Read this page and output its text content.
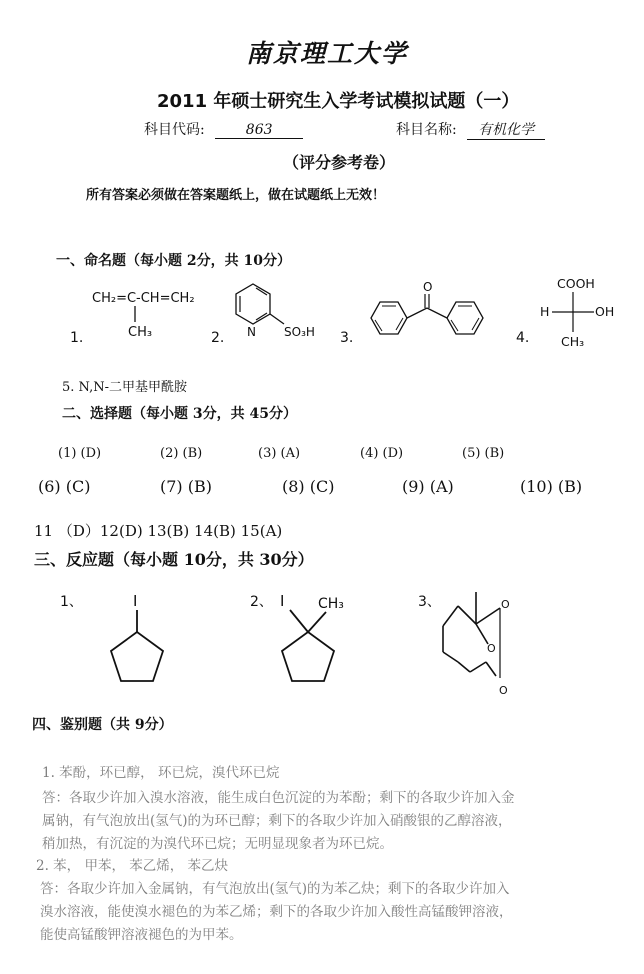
南京理工大学
2011 年硕士研究生入学考试模拟试题（一）
科目代码:	863	科目名称: 有机化学
（评分参考卷）
所有答案必须做在答案题纸上，做在试题纸上无效！
一、命名题（每小题 2分，共 10分）
1.	2.	3.	4.
CH₂=C-CH=CH₂
CH₃	N SO₃H
O	COOH
H	OH
CH₃
5. N,N-二甲基甲酰胺
二、选择题（每小题 3分，共 45分）
(1) (D)	(2) (B)	(3) (A)	(4) (D)	(5) (B)
(6) (C)	(7) (B)	(8) (C)	(9) (A)	(10) (B)
11 （D）12(D) 13(B) 14(B) 15(A)
三、反应题（每小题 10分，共 30分）
1、	2、	3、
I	I CH₃	O
O
O
四、鉴别题（共 9分）
1. 苯酚，环已醇， 环已烷，溴代环已烷
答：各取少许加入溴水溶液，能生成白色沉淀的为苯酚；剩下的各取少许加入金
属钠，有气泡放出(氢气)的为环已醇；剩下的各取少许加入硝酸银的乙醇溶液，
稍加热，有沉淀的为溴代环已烷；无明显现象者为环已烷。
2. 苯， 甲苯， 苯乙烯， 苯乙炔
答：各取少许加入金属钠，有气泡放出(氢气)的为苯乙炔；剩下的各取少许加入
溴水溶液，能使溴水褪色的为苯乙烯；剩下的各取少许加入酸性高锰酸钾溶液，
能使高锰酸钾溶液褪色的为甲苯。
